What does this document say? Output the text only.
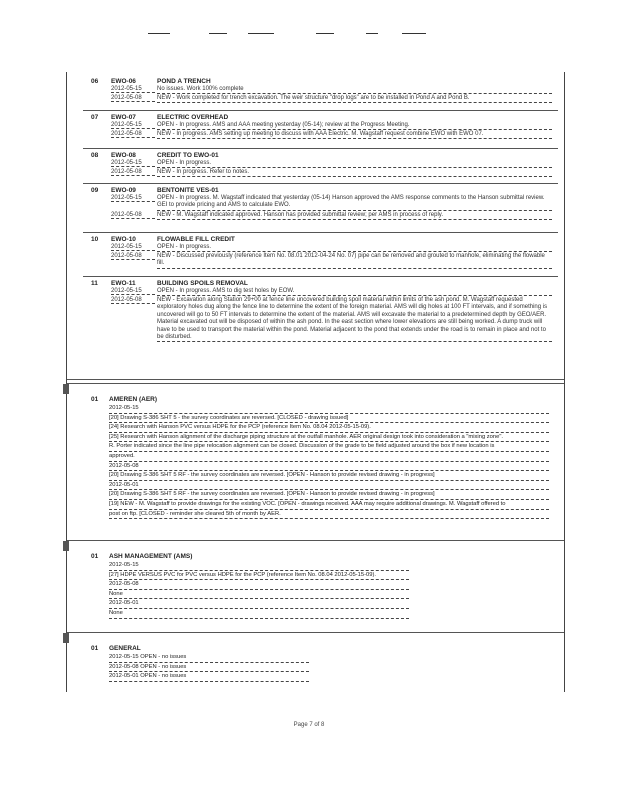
06 EWO-06	POND A TRENCH
2012-05-15	No issues. Work 100% complete
2012-05-08	NEW - Work completed for trench excavation. The weir structure "drop logs" are to be installed in Pond A and Pond B.
07 EWO-07	ELECTRIC OVERHEAD
2012-05-15	OPEN - In progress. AMS and AAA meeting yesterday (05-14); review at the Progress Meeting.
2012-05-08	NEW - In progress. AMS setting up meeting to discuss with AAA Electric. M. Wagstaff request combine EWO with EWO 07.
08 EWO-08	CREDIT TO EWO-01
2012-05-15	OPEN - In progress.
2012-05-08	NEW - In progress. Refer to notes.
09 EWO-09	BENTONITE VES-01
2012-05-15	OPEN - In progress. M. Wagstaff indicated that yesterday (05-14) Hanson approved the AMS response comments to the Hanson submittal review. GEI to provide pricing and AMS to calculate EWO.
2012-05-08	NEW - M. Wagstaff indicated approved. Hanson has provided submittal review; per AMS in process of reply.
10 EWO-10	FLOWABLE FILL CREDIT
2012-05-15	OPEN - In progress.
2012-05-08	NEW - Discussed previously (reference Item No. 08.01 2012-04-24 No. 07) pipe can be removed and grouted to manhole, eliminating the flowable fill.
11 EWO-11	BUILDING SPOILS REMOVAL
2012-05-15	OPEN - In progress. AMS to dig test holes by EOW.
2012-05-08	NEW - Excavation along Station 29+00 at fence line uncovered building spoil material within limits of the ash pond. M. Wagstaff requested exploratory holes dug along the fence line to determine the extent of the foreign material. AMS will dig holes at 100 FT intervals, and if something is uncovered will go to 50 FT intervals to determine the extent of the material. AMS will excavate the material to a predetermined depth by GEO/AER. Material excavated out will be disposed of within the ash pond. In the east section where lower elevations are still being worked. A dump truck will have to be used to transport the material within the pond. Material adjacent to the pond that extends under the road is to remain in place and not to be disturbed.
01 AMEREN (AER)
2012-05-15
[20] Drawing S-386 SHT 5 - the survey coordinates are reversed. [CLOSED - drawing issued]
[24] Research with Hanson PVC versus HDPE for the PCP (reference Item No. 08.04 2012-05-15-09).
[25] Research with Hanson alignment of the discharge piping structure at the outfall manhole. AER original design took into consideration a "mixing zone".
R. Porter indicated since the line pipe relocation alignment can be closed. Discussion of the grade to be field adjusted around the box if new location is
approved.
2012-05-08
[20] Drawing S-386 SHT 5 RF - the survey coordinates are reversed. [OPEN - Hanson to provide revised drawing - in progress]
2012-05-01
[20] Drawing S-386 SHT 5 RF - the survey coordinates are reversed. [OPEN - Hanson to provide revised drawing - in progress]
[19] NEW - M. Wagstaff to provide drawings for the existing VOC. [OPEN - drawings received. AAA may require additional drawings. M. Wagstaff offered to
post on ftp. [CLOSED - reminder she cleared 5th of month by AER.
01 ASH MANAGEMENT (AMS)
2012-05-15
[27] HDPE VERSUS PVC for PVC versus HDPE for the PCP (reference Item No. 08.04 2012-05-15-09).
2012-05-08
None
2012-05-01
None
01 GENERAL
2012-05-15 OPEN - no issues
2012-05-08 OPEN - no issues
2012-05-01 OPEN - no issues
Page 7 of 8
